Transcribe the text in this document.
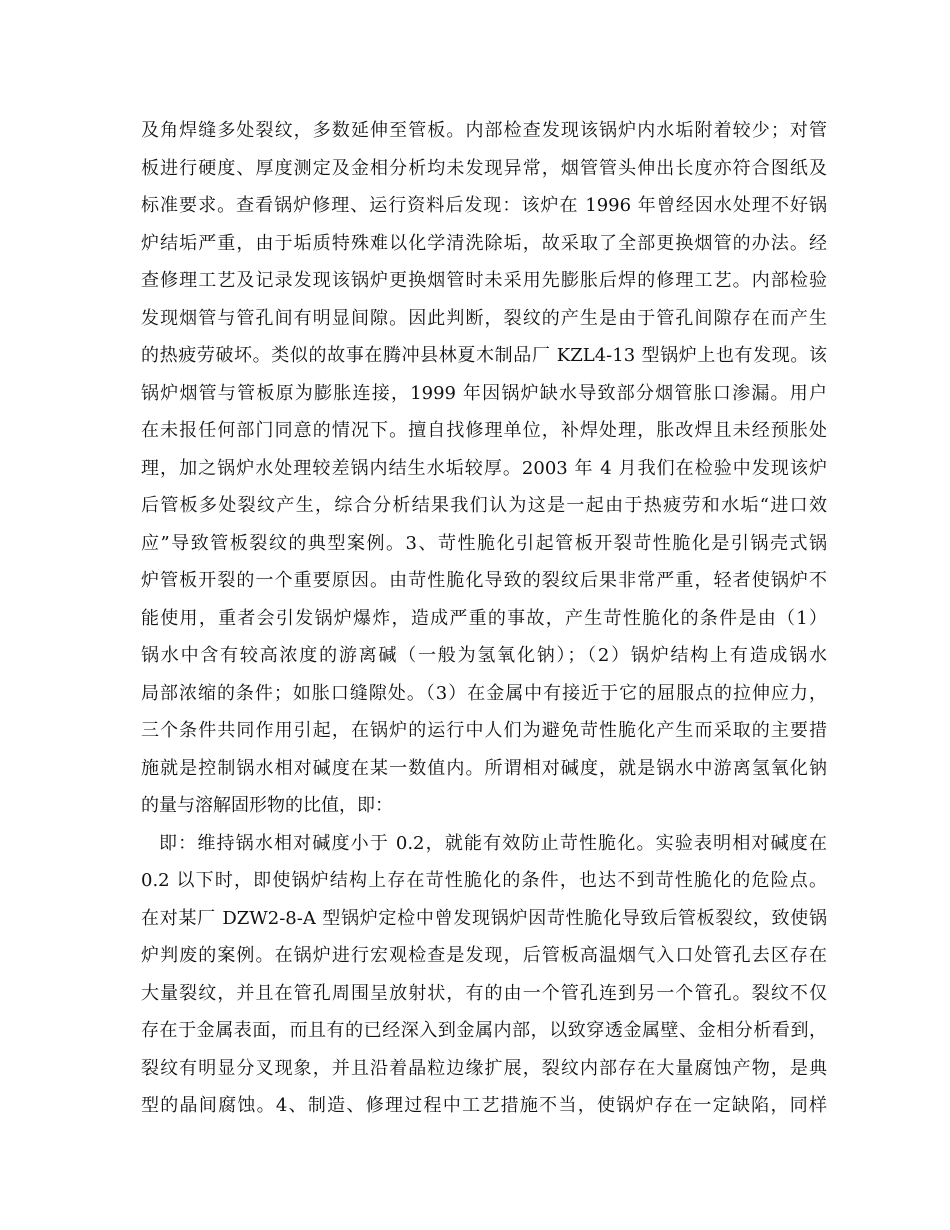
及角焊缝多处裂纹，多数延伸至管板。内部检查发现该锅炉内水垢附着较少；对管
板进行硬度、厚度测定及金相分析均未发现异常，烟管管头伸出长度亦符合图纸及
标准要求。查看锅炉修理、运行资料后发现：该炉在 1996 年曾经因水处理不好锅
炉结垢严重，由于垢质特殊难以化学清洗除垢，故采取了全部更换烟管的办法。经
查修理工艺及记录发现该锅炉更换烟管时未采用先膨胀后焊的修理工艺。内部检验
发现烟管与管孔间有明显间隙。因此判断，裂纹的产生是由于管孔间隙存在而产生
的热疲劳破坏。类似的故事在腾冲县林夏木制品厂 KZL4-13 型锅炉上也有发现。该
锅炉烟管与管板原为膨胀连接，1999 年因锅炉缺水导致部分烟管胀口渗漏。用户
在未报任何部门同意的情况下。擅自找修理单位，补焊处理，胀改焊且未经预胀处
理，加之锅炉水处理较差锅内结生水垢较厚。2003 年 4 月我们在检验中发现该炉
后管板多处裂纹产生，综合分析结果我们认为这是一起由于热疲劳和水垢“进口效
应”导致管板裂纹的典型案例。3、苛性脆化引起管板开裂苛性脆化是引锅壳式锅
炉管板开裂的一个重要原因。由苛性脆化导致的裂纹后果非常严重，轻者使锅炉不
能使用，重者会引发锅炉爆炸，造成严重的事故，产生苛性脆化的条件是由（1）
锅水中含有较高浓度的游离碱（一般为氢氧化钠）；（2）锅炉结构上有造成锅水
局部浓缩的条件；如胀口缝隙处。（3）在金属中有接近于它的屈服点的拉伸应力，
三个条件共同作用引起，在锅炉的运行中人们为避免苛性脆化产生而采取的主要措
施就是控制锅水相对碱度在某一数值内。所谓相对碱度，就是锅水中游离氢氧化钠
的量与溶解固形物的比值，即：
即：维持锅水相对碱度小于 0.2，就能有效防止苛性脆化。实验表明相对碱度在
0.2 以下时，即使锅炉结构上存在苛性脆化的条件，也达不到苛性脆化的危险点。
在对某厂 DZW2-8-A 型锅炉定检中曾发现锅炉因苛性脆化导致后管板裂纹，致使锅
炉判废的案例。在锅炉进行宏观检查是发现，后管板高温烟气入口处管孔去区存在
大量裂纹，并且在管孔周围呈放射状，有的由一个管孔连到另一个管孔。裂纹不仅
存在于金属表面，而且有的已经深入到金属内部，以致穿透金属壁、金相分析看到，
裂纹有明显分叉现象，并且沿着晶粒边缘扩展，裂纹内部存在大量腐蚀产物，是典
型的晶间腐蚀。4、制造、修理过程中工艺措施不当，使锅炉存在一定缺陷，同样
